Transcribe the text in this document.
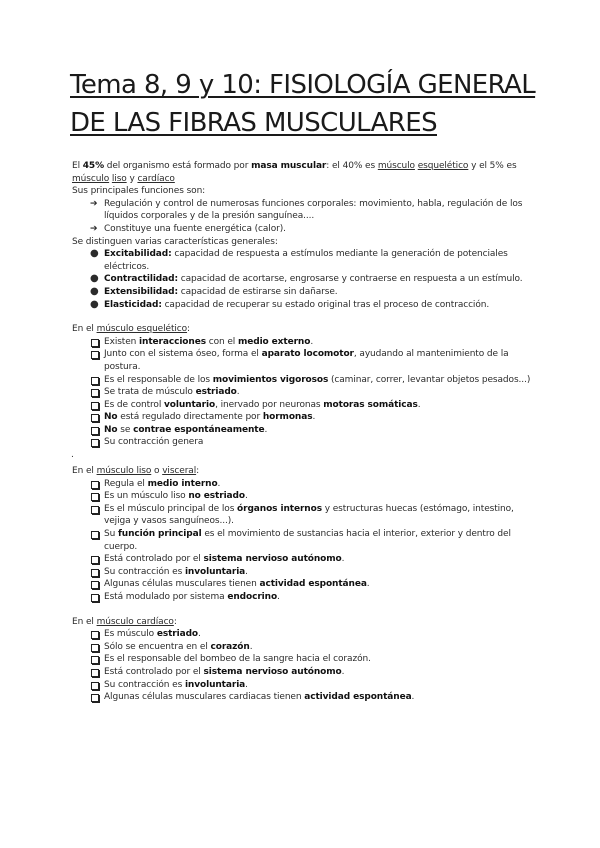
Tema 8, 9 y 10: FISIOLOGÍA GENERAL
DE LAS FIBRAS MUSCULARES

El 45% del organismo está formado por masa muscular: el 40% es músculo esquelético y el 5% es
músculo liso y cardíaco

Sus principales funciones son:

➔ Regulación y control de numerosas funciones corporales: movimiento, habla, regulación de los líquidos corporales y de la presión sanguínea....
➔ Constituye una fuente energética (calor).

Se distinguen varias características generales:

● Excitabilidad: capacidad de respuesta a estímulos mediante la generación de potenciales eléctricos.
● Contractilidad: capacidad de acortarse, engrosarse y contraerse en respuesta a un estímulo.
● Extensibilidad: capacidad de estirarse sin dañarse.
● Elasticidad: capacidad de recuperar su estado original tras el proceso de contracción.

En el músculo esquelético:

Existen interacciones con el medio externo.
Junto con el sistema óseo, forma el aparato locomotor, ayudando al mantenimiento de la postura.
Es el responsable de los movimientos vigorosos (caminar, correr, levantar objetos pesados...)
Se trata de músculo estriado.
Es de control voluntario, inervado por neuronas motoras somáticas.
No está regulado directamente por hormonas.
No se contrae espontáneamente.
Su contracción genera
.

En el músculo liso o visceral:

Regula el medio interno.
Es un músculo liso no estriado.
Es el músculo principal de los órganos internos y estructuras huecas (estómago, intestino, vejiga y vasos sanguíneos...).
Su función principal es el movimiento de sustancias hacia el interior, exterior y dentro del cuerpo.
Está controlado por el sistema nervioso autónomo.
Su contracción es involuntaria.
Algunas células musculares tienen actividad espontánea.
Está modulado por sistema endocrino.

En el músculo cardíaco:

Es músculo estriado.
Sólo se encuentra en el corazón.
Es el responsable del bombeo de la sangre hacia el corazón.
Está controlado por el sistema nervioso autónomo.
Su contracción es involuntaria.
Algunas células musculares cardiacas tienen actividad espontánea.
